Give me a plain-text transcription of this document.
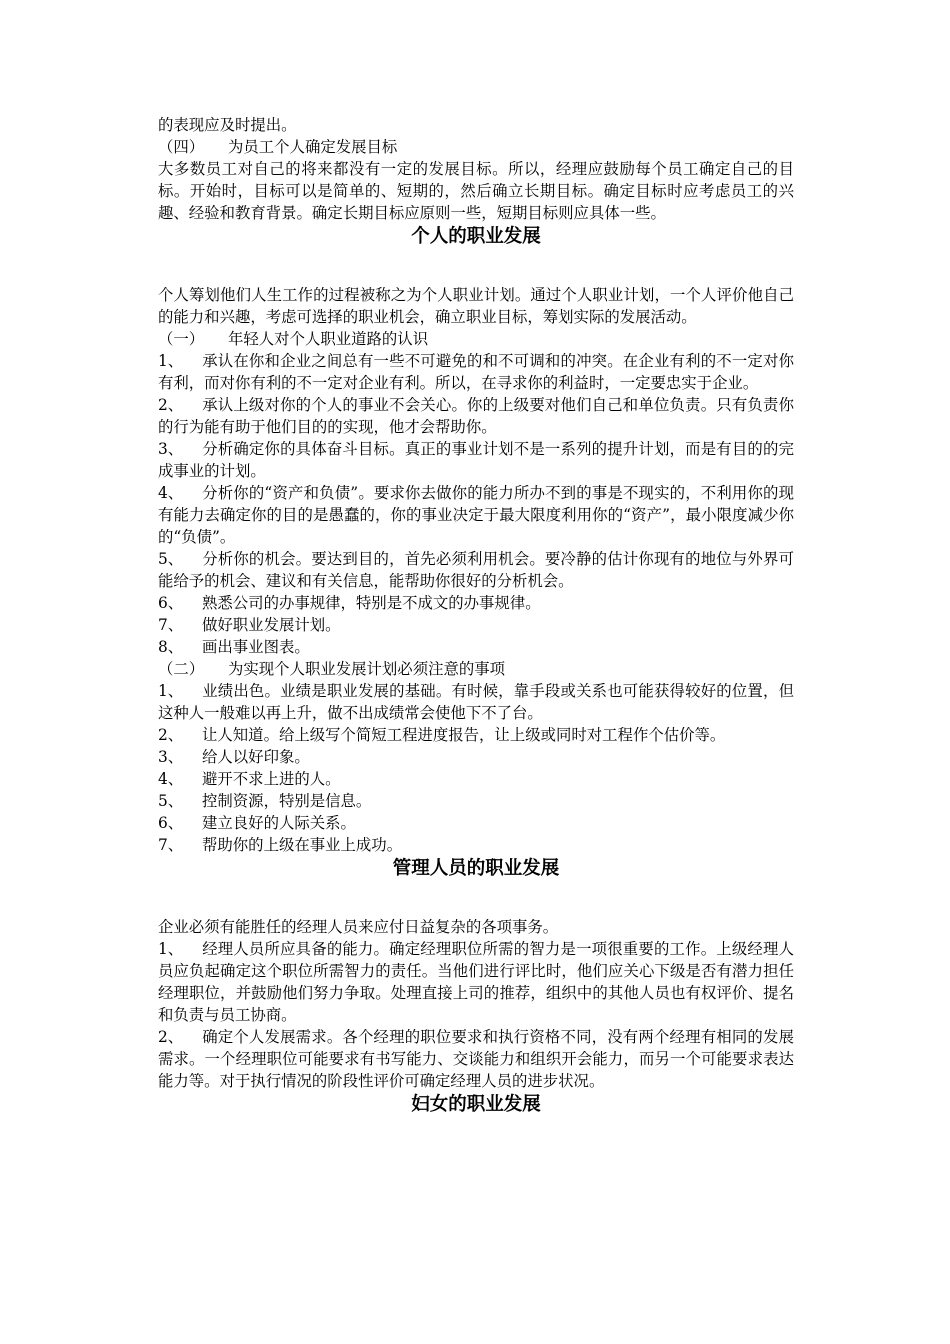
的表现应及时提出。

（四） 为员工个人确定发展目标

大多数员工对自己的将来都没有一定的发展目标。所以，经理应鼓励每个员工确定自己的目标。开始时，目标可以是简单的、短期的，然后确立长期目标。确定目标时应考虑员工的兴趣、经验和教育背景。确定长期目标应原则一些，短期目标则应具体一些。

个人的职业发展

个人筹划他们人生工作的过程被称之为个人职业计划。通过个人职业计划，一个人评价他自己的能力和兴趣，考虑可选择的职业机会，确立职业目标，筹划实际的发展活动。

（一） 年轻人对个人职业道路的认识

1、 承认在你和企业之间总有一些不可避免的和不可调和的冲突。在企业有利的不一定对你有利，而对你有利的不一定对企业有利。所以，在寻求你的利益时，一定要忠实于企业。

2、 承认上级对你的个人的事业不会关心。你的上级要对他们自己和单位负责。只有负责你的行为能有助于他们目的的实现，他才会帮助你。

3、 分析确定你的具体奋斗目标。真正的事业计划不是一系列的提升计划，而是有目的的完成事业的计划。

4、 分析你的“资产和负债”。要求你去做你的能力所办不到的事是不现实的，不利用你的现有能力去确定你的目的是愚蠢的，你的事业决定于最大限度利用你的“资产”，最小限度减少你的“负债”。

5、 分析你的机会。要达到目的，首先必须利用机会。要冷静的估计你现有的地位与外界可能给予的机会、建议和有关信息，能帮助你很好的分析机会。

6、 熟悉公司的办事规律，特别是不成文的办事规律。

7、 做好职业发展计划。

8、 画出事业图表。

（二） 为实现个人职业发展计划必须注意的事项

1、 业绩出色。业绩是职业发展的基础。有时候，靠手段或关系也可能获得较好的位置，但这种人一般难以再上升，做不出成绩常会使他下不了台。

2、 让人知道。给上级写个简短工程进度报告，让上级或同时对工程作个估价等。

3、 给人以好印象。

4、 避开不求上进的人。

5、 控制资源，特别是信息。

6、 建立良好的人际关系。

7、 帮助你的上级在事业上成功。

管理人员的职业发展

企业必须有能胜任的经理人员来应付日益复杂的各项事务。

1、 经理人员所应具备的能力。确定经理职位所需的智力是一项很重要的工作。上级经理人员应负起确定这个职位所需智力的责任。当他们进行评比时，他们应关心下级是否有潜力担任经理职位，并鼓励他们努力争取。处理直接上司的推荐，组织中的其他人员也有权评价、提名和负责与员工协商。

2、 确定个人发展需求。各个经理的职位要求和执行资格不同，没有两个经理有相同的发展需求。一个经理职位可能要求有书写能力、交谈能力和组织开会能力，而另一个可能要求表达能力等。对于执行情况的阶段性评价可确定经理人员的进步状况。

妇女的职业发展
